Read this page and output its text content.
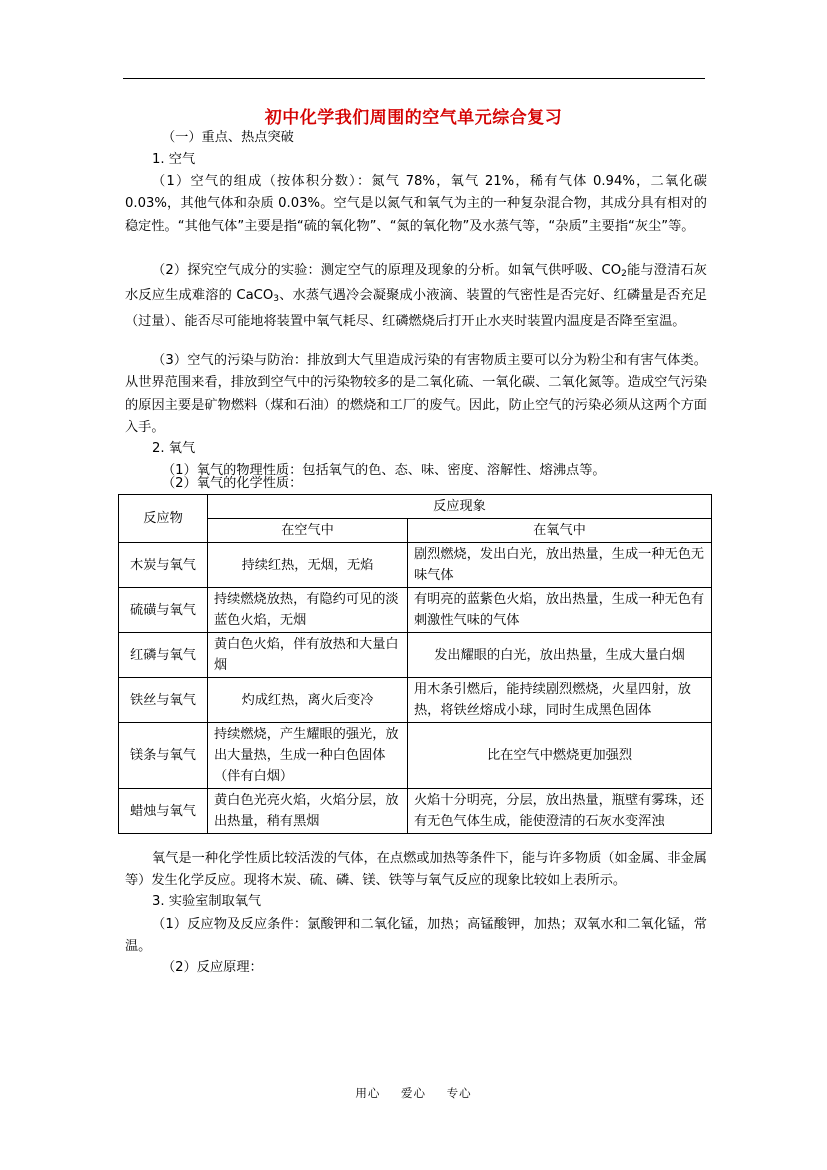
初中化学我们周围的空气单元综合复习
（一）重点、热点突破
1. 空气
（1）空气的组成（按体积分数）：氮气 78%，氧气 21%，稀有气体 0.94%，二氧化碳 0.03%，其他气体和杂质 0.03%。空气是以氮气和氧气为主的一种复杂混合物，其成分具有相对的稳定性。“其他气体”主要是指“硫的氧化物”、“氮的氧化物”及水蒸气等，“杂质”主要指“灰尘”等。
（2）探究空气成分的实验：测定空气的原理及现象的分析。如氧气供呼吸、$CO_2$能与澄清石灰水反应生成难溶的 CaCO$_3$、水蒸气遇冷会凝聚成小液滴、装置的气密性是否完好、红磷量是否充足（过量）、能否尽可能地将装置中氧气耗尽、红磷燃烧后打开止水夹时装置内温度是否降至室温。
（3）空气的污染与防治：排放到大气里造成污染的有害物质主要可以分为粉尘和有害气体类。从世界范围来看，排放到空气中的污染物较多的是二氧化硫、一氧化碳、二氧化氮等。造成空气污染的原因主要是矿物燃料（煤和石油）的燃烧和工厂的废气。因此，防止空气的污染必须从这两个方面入手。
2. 氧气
（1）氧气的物理性质：包括氧气的色、态、味、密度、溶解性、熔沸点等。
（2）氧气的化学性质：
反应物	反应现象	
	在空气中	在氧气中
木炭与氧气	持续红热，无烟，无焰	剧烈燃烧，发出白光，放出热量，生成一种无色无味气体
硫磺与氧气	持续燃烧放热，有隐约可见的淡蓝色火焰，无烟	有明亮的蓝紫色火焰，放出热量，生成一种无色有刺激性气味的气体
红磷与氧气	黄白色火焰，伴有放热和大量白烟	发出耀眼的白光，放出热量，生成大量白烟
铁丝与氧气	灼成红热，离火后变冷	用木条引燃后，能持续剧烈燃烧，火星四射，放热，将铁丝熔成小球，同时生成黑色固体
镁条与氧气	持续燃烧，产生耀眼的强光，放出大量热，生成一种白色固体（伴有白烟）	比在空气中燃烧更加强烈
蜡烛与氧气	黄白色光亮火焰，火焰分层，放出热量，稍有黑烟	火焰十分明亮，分层，放出热量，瓶壁有雾珠，还有无色气体生成，能使澄清的石灰水变浑浊
氧气是一种化学性质比较活泼的气体，在点燃或加热等条件下，能与许多物质（如金属、非金属等）发生化学反应。现将木炭、硫、磷、镁、铁等与氧气反应的现象比较如上表所示。
3. 实验室制取氧气
（1）反应物及反应条件：氯酸钾和二氧化锰，加热；高锰酸钾，加热；双氧水和二氧化锰，常温。
（2）反应原理：
用心 爱心 专心
